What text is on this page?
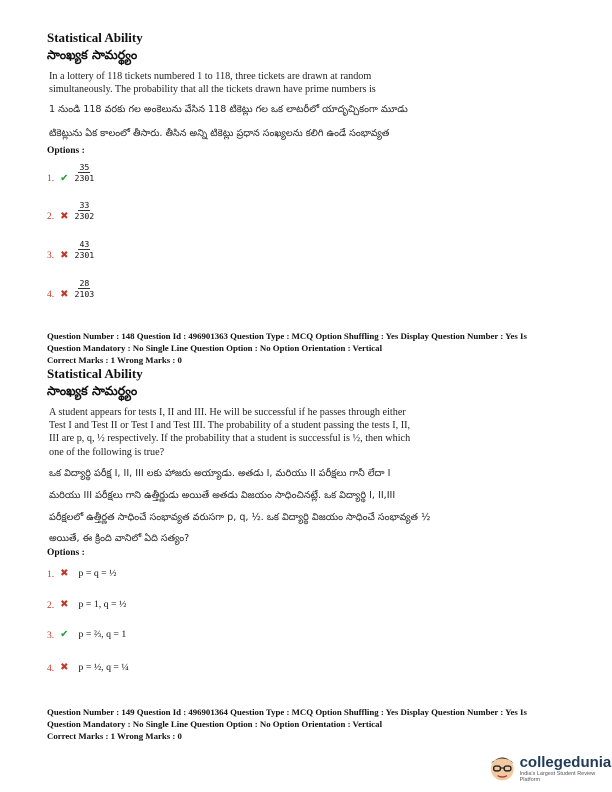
Statistical Ability
సాంఖ్యక సామర్థ్యం
In a lottery of 118 tickets numbered 1 to 118, three tickets are drawn at random
simultaneously. The probability that all the tickets drawn have prime numbers is
1 నుండి 118 వరకు గల అంకెలును వేసిన 118 టికెట్లు గల ఒక లాటరీలో యాదృచ్చికంగా మూడు
టికెట్లును ఏక కాలంలో తీసారు. తీసిన అన్ని టికెట్లు ప్రధాన సంఖ్యలను కలిగి ఉండే సంభావ్యత
Options :
1. ✔ $\frac{35}{2301}$
2. ✖ $\frac{33}{2302}$
3. ✖ $\frac{43}{2301}$
4. ✖ $\frac{28}{2103}$
Question Number : 148 Question Id : 496901363 Question Type : MCQ Option Shuffling : Yes Display Question Number : Yes Is
Question Mandatory : No Single Line Question Option : No Option Orientation : Vertical
Correct Marks : 1 Wrong Marks : 0
Statistical Ability
సాంఖ్యక సామర్థ్యం
A student appears for tests I, II and III. He will be successful if he passes through either
Test I and Test II or Test I and Test III. The probability of a student passing the tests I, II,
III are p, q, ½ respectively. If the probability that a student is successful is ½, then which
one of the following is true?
ఒక విద్యార్థి పరీక్ష I, II, III లకు హాజరు అయ్యాడు. అతడు I, మరియు II పరీక్షలు గానీ లేదా I
మరియు III పరీక్షలు గాని ఉత్తీర్ణుడు అయితే అతడు విజయం సాధించినట్లే. ఒక విద్యార్థి I, II,III
పరీక్షలలో ఉత్తీర్ణత సాధించే సంభావ్యత వరుసగా p, q, ½. ఒక విద్యార్థి విజయం సాధించే సంభావ్యత ½
అయితే, ఈ క్రింది వానిలో ఏది సత్యం?
Options :
1. ✖ p = q = ½
2. ✖ p = 1, q = ½
3. ✔ p = ⅔, q = 1
4. ✖ p = ½, q = ¼
Question Number : 149 Question Id : 496901364 Question Type : MCQ Option Shuffling : Yes Display Question Number : Yes Is
Question Mandatory : No Single Line Question Option : No Option Orientation : Vertical
Correct Marks : 1 Wrong Marks : 0
collegedunia
India's Largest Student Review Platform
